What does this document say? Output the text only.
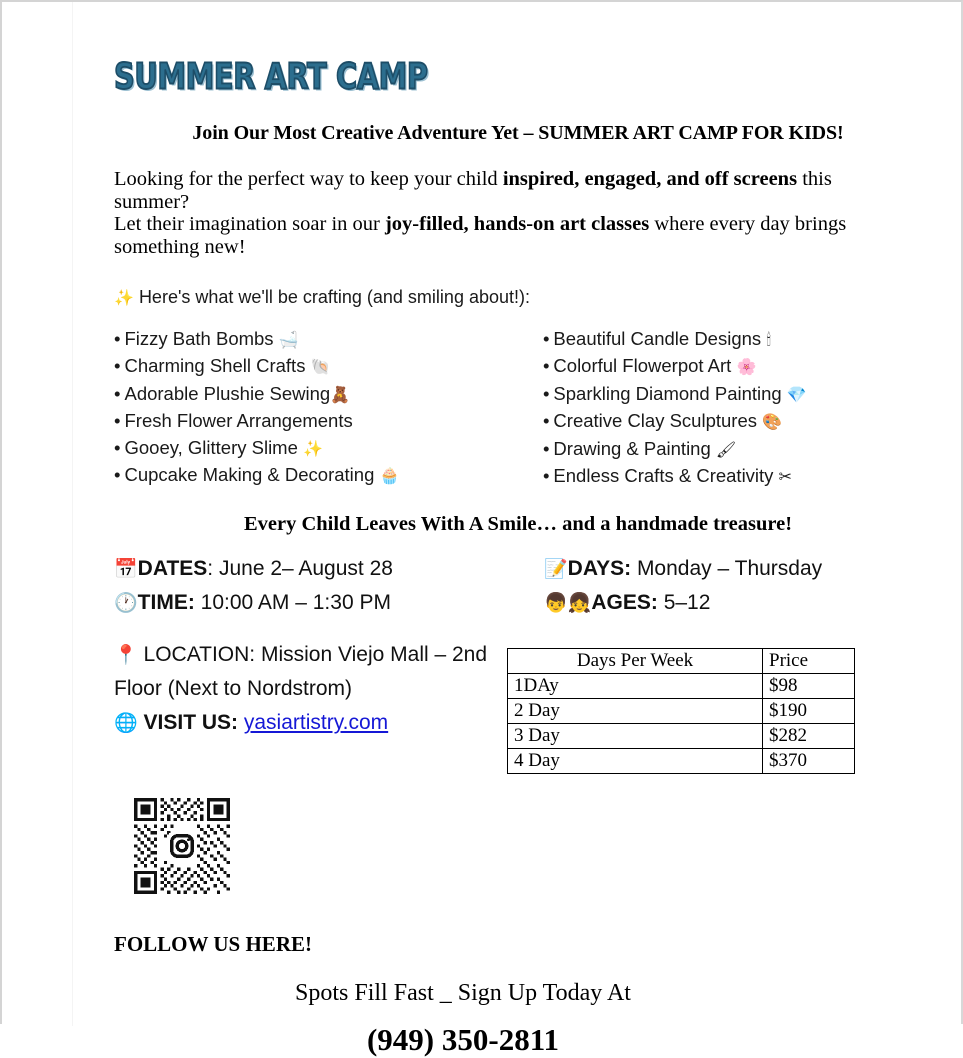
SUMMER ART CAMP
Join Our Most Creative Adventure Yet – SUMMER ART CAMP FOR KIDS!
Looking for the perfect way to keep your child inspired, engaged, and off screens this summer?
Let their imagination soar in our joy-filled, hands-on art classes where every day brings
something new!
✨ Here's what we'll be crafting (and smiling about!):
• Fizzy Bath Bombs 🛁
• Charming Shell Crafts 🐚
• Adorable Plushie Sewing🧸
• Fresh Flower Arrangements
• Gooey, Glittery Slime ✨
• Cupcake Making & Decorating 🧁
• Beautiful Candle Designs 🕯
• Colorful Flowerpot Art 🌸
• Sparkling Diamond Painting 💎
• Creative Clay Sculptures 🎨
• Drawing & Painting 🖌
• Endless Crafts & Creativity ✂
Every Child Leaves With A Smile… and a handmade treasure!
📅DATES: June 2– August 28
🕐TIME: 10:00 AM – 1:30 PM
📝DAYS: Monday – Thursday
👦👧AGES: 5–12
📍 LOCATION: Mission Viejo Mall – 2nd
Floor (Next to Nordstrom)
🌐 VISIT US: yasiartistry.com
Days Per Week	Price
1DAy	$98
2 Day	$190
3 Day	$282
4 Day	$370
FOLLOW US HERE!
Spots Fill Fast _ Sign Up Today At
(949) 350-2811
